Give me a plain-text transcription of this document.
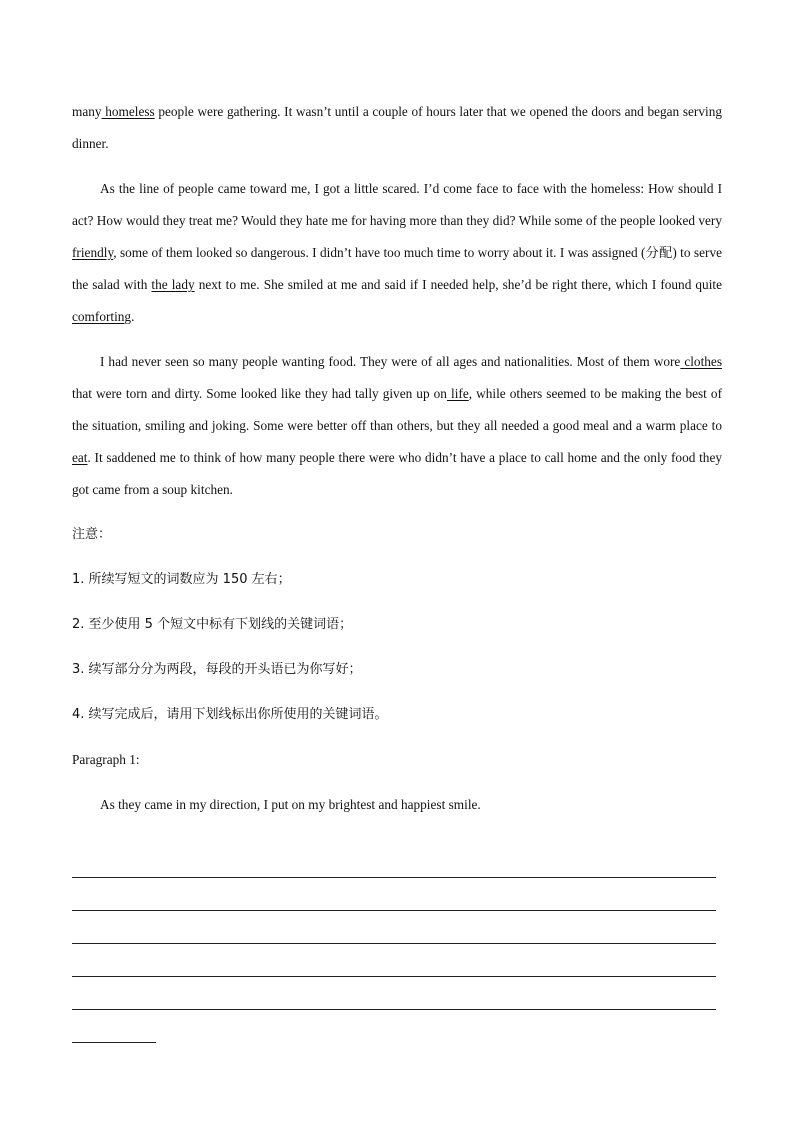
many homeless people were gathering. It wasn’t until a couple of hours later that we opened the doors and began serving dinner.

As the line of people came toward me, I got a little scared. I’d come face to face with the homeless: How should I act? How would they treat me? Would they hate me for having more than they did? While some of the people looked very friendly, some of them looked so dangerous. I didn’t have too much time to worry about it. I was assigned (分配) to serve the salad with the lady next to me. She smiled at me and said if I needed help, she’d be right there, which I found quite comforting.

I had never seen so many people wanting food. They were of all ages and nationalities. Most of them wore clothes that were torn and dirty. Some looked like they had tally given up on life, while others seemed to be making the best of the situation, smiling and joking. Some were better off than others, but they all needed a good meal and a warm place to eat. It saddened me to think of how many people there were who didn’t have a place to call home and the only food they got came from a soup kitchen.

注意：

1. 所续写短文的词数应为 150 左右；

2. 至少使用 5 个短文中标有下划线的关键词语；

3. 续写部分分为两段，每段的开头语已为你写好；

4. 续写完成后，请用下划线标出你所使用的关键词语。

Paragraph 1:

As they came in my direction, I put on my brightest and happiest smile.
